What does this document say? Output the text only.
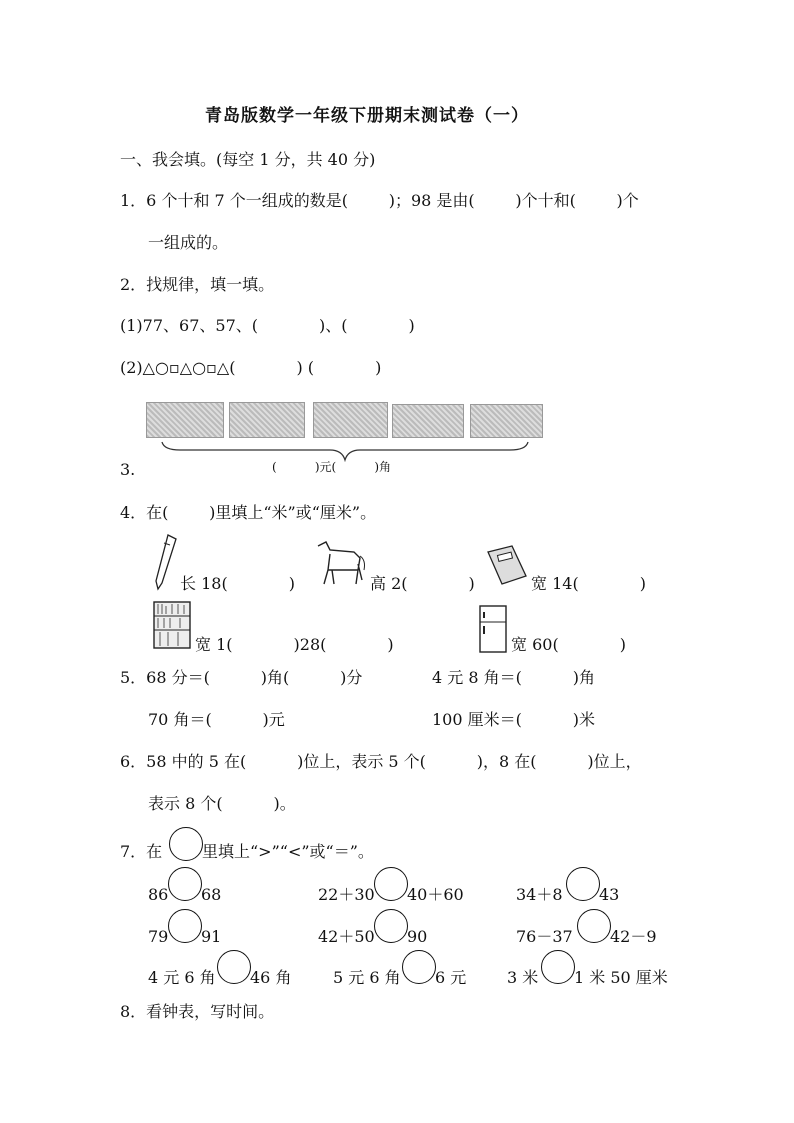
青岛版数学一年级下册期末测试卷（一）
一、我会填。(每空 1 分，共 40 分)
1．6 个十和 7 个一组成的数是(        )；98 是由(        )个十和(        )个
一组成的。
2．找规律，填一填。
(1)77、67、57、(            )、(            )
(2)△○▫△○▫△(            ) (            )
3.	(          )元(          )角
4．在(        )里填上“米”或“厘米”。
长 18(            )	高 2(            )	宽 14(            )
宽 1(            )28(            )	宽 60(            )
5．68 分＝(          )角(          )分	4 元 8 角＝(          )角
70 角＝(          )元	100 厘米＝(          )米
6．58 中的 5 在(          )位上，表示 5 个(          )，8 在(          )位上，
表示 8 个(          )。
7．在 里填上“>”“<”或“＝”。
86 68	22＋30 40＋60	34＋8 43
79 91	42＋50 90	76－37 42－9
4 元 6 角 46 角	5 元 6 角 6 元	3 米 1 米 50 厘米
8．看钟表，写时间。
